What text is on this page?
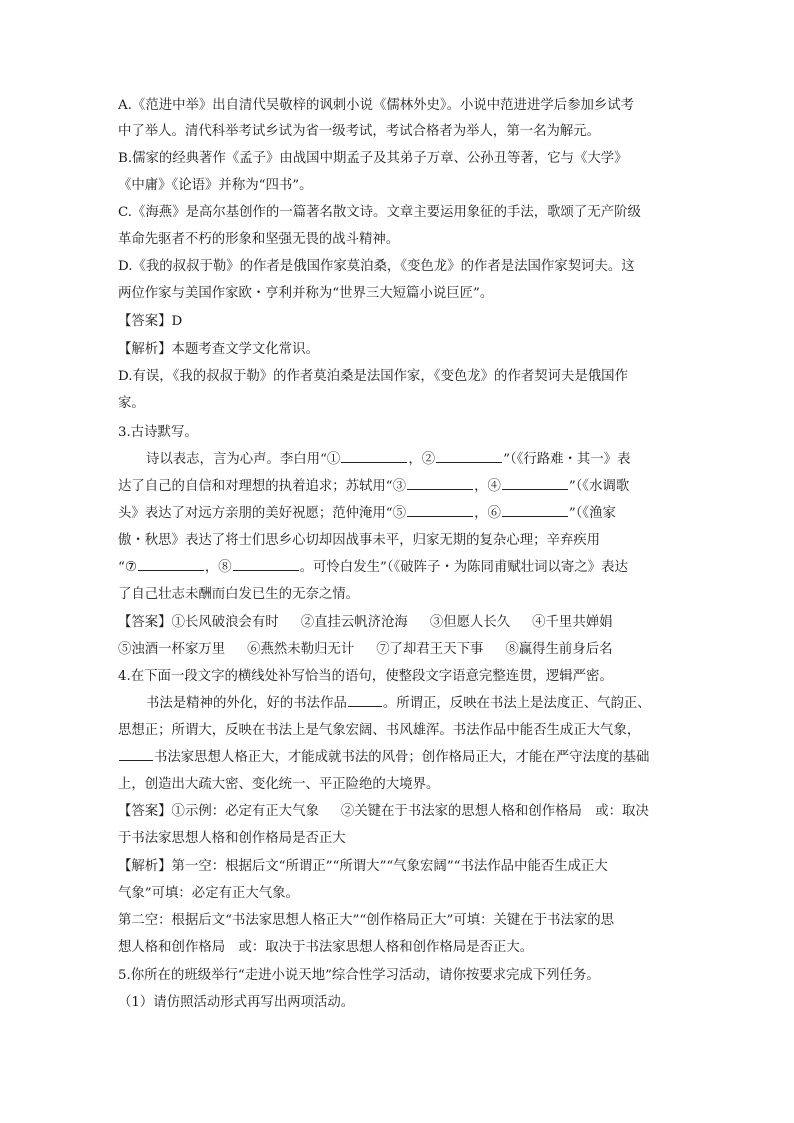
A.《范进中举》出自清代吴敬梓的讽刺小说《儒林外史》。小说中范进进学后参加乡试考
中了举人。清代科举考试乡试为省一级考试，考试合格者为举人，第一名为解元。
B.儒家的经典著作《孟子》由战国中期孟子及其弟子万章、公孙丑等著，它与《大学》
《中庸》《论语》并称为“四书”。
C.《海燕》是高尔基创作的一篇著名散文诗。文章主要运用象征的手法，歌颂了无产阶级
革命先驱者不朽的形象和坚强无畏的战斗精神。
D.《我的叔叔于勒》的作者是俄国作家莫泊桑，《变色龙》的作者是法国作家契诃夫。这
两位作家与美国作家欧・亨利并称为“世界三大短篇小说巨匠”。
【答案】D
【解析】本题考查文学文化常识。
D.有误，《我的叔叔于勒》的作者莫泊桑是法国作家，《变色龙》的作者契诃夫是俄国作
家。
3.古诗默写。
诗以表志，言为心声。李白用“①	，②	”（《行路难・其一》表
达了自己的自信和对理想的执着追求；苏轼用“③	，④	”（《水调歌
头》表达了对远方亲朋的美好祝愿；范仲淹用“⑤	，⑥	”（《渔家
傲・秋思》表达了将士们思乡心切却因战事未平，归家无期的复杂心理；辛弃疾用
“⑦	，⑧	。可怜白发生”（《破阵子・为陈同甫赋壮词以寄之》表达
了自己壮志未酬而白发已生的无奈之情。
【答案】①长风破浪会有时 ②直挂云帆济沧海 ③但愿人长久 ④千里共婵娟
⑤浊酒一杯家万里 ⑥燕然未勒归无计 ⑦了却君王天下事 ⑧赢得生前身后名
4.在下面一段文字的横线处补写恰当的语句，使整段文字语意完整连贯，逻辑严密。
书法是精神的外化，好的书法作品	。所谓正，反映在书法上是法度正、气韵正、
思想正；所谓大，反映在书法上是气象宏阔、书风雄浑。书法作品中能否生成正大气象，
书法家思想人格正大，才能成就书法的风骨；创作格局正大，才能在严守法度的基础
上，创造出大疏大密、变化统一、平正险绝的大境界。
【答案】①示例：必定有正大气象 ②关键在于书法家的思想人格和创作格局　或：取决
于书法家思想人格和创作格局是否正大
【解析】第一空：根据后文“所谓正”“所谓大”“气象宏阔”“书法作品中能否生成正大
气象”可填：必定有正大气象。
第二空：根据后文“书法家思想人格正大”“创作格局正大”可填：关键在于书法家的思
想人格和创作格局　或：取决于书法家思想人格和创作格局是否正大。
5.你所在的班级举行“走进小说天地”综合性学习活动，请你按要求完成下列任务。
（1）请仿照活动形式再写出两项活动。
